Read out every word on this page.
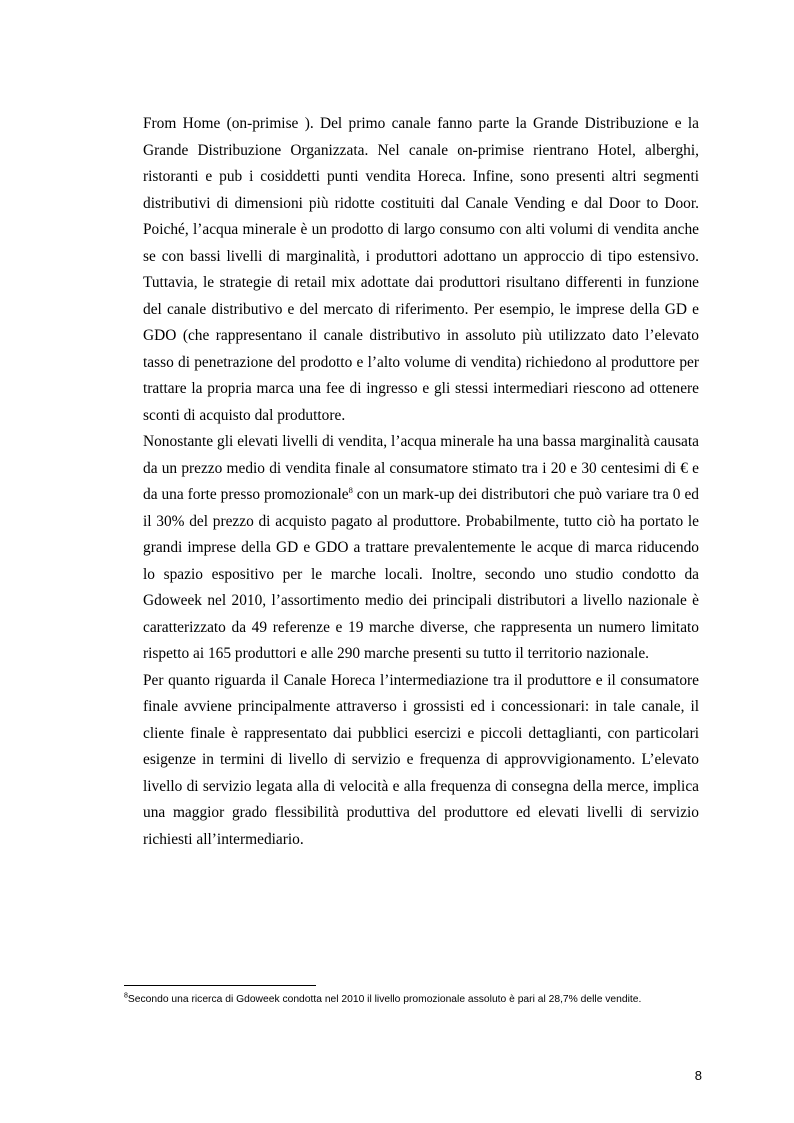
From Home (on-primise ). Del primo canale fanno parte la Grande Distribuzione e la Grande Distribuzione Organizzata. Nel canale on-primise rientrano Hotel, alberghi, ristoranti e pub i cosiddetti punti vendita Horeca. Infine, sono presenti altri segmenti distributivi di dimensioni più ridotte costituiti dal Canale Vending e dal Door to Door. Poiché, l’acqua minerale è un prodotto di largo consumo con alti volumi di vendita anche se con bassi livelli di marginalità, i produttori adottano un approccio di tipo estensivo. Tuttavia, le strategie di retail mix adottate dai produttori risultano differenti in funzione del canale distributivo e del mercato di riferimento. Per esempio, le imprese della GD e GDO (che rappresentano il canale distributivo in assoluto più utilizzato dato l’elevato tasso di penetrazione del prodotto e l’alto volume di vendita) richiedono al produttore per trattare la propria marca una fee di ingresso e gli stessi intermediari riescono ad ottenere sconti di acquisto dal produttore.

Nonostante gli elevati livelli di vendita, l’acqua minerale ha una bassa marginalità causata da un prezzo medio di vendita finale al consumatore stimato tra i 20 e 30 centesimi di € e da una forte presso promozionale$^8$ con un mark-up dei distributori che può variare tra 0 ed il 30% del prezzo di acquisto pagato al produttore. Probabilmente, tutto ciò ha portato le grandi imprese della GD e GDO a trattare prevalentemente le acque di marca riducendo lo spazio espositivo per le marche locali. Inoltre, secondo uno studio condotto da Gdoweek nel 2010, l’assortimento medio dei principali distributori a livello nazionale è caratterizzato da 49 referenze e 19 marche diverse, che rappresenta un numero limitato rispetto ai 165 produttori e alle 290 marche presenti su tutto il territorio nazionale.

Per quanto riguarda il Canale Horeca l’intermediazione tra il produttore e il consumatore finale avviene principalmente attraverso i grossisti ed i concessionari: in tale canale, il cliente finale è rappresentato dai pubblici esercizi e piccoli dettaglianti, con particolari esigenze in termini di livello di servizio e frequenza di approvvigionamento. L’elevato livello di servizio legata alla di velocità e alla frequenza di consegna della merce, implica una maggior grado flessibilità produttiva del produttore ed elevati livelli di servizio richiesti all’intermediario.

$^8$Secondo una ricerca di Gdoweek condotta nel 2010 il livello promozionale assoluto è pari al 28,7% delle vendite.
8
